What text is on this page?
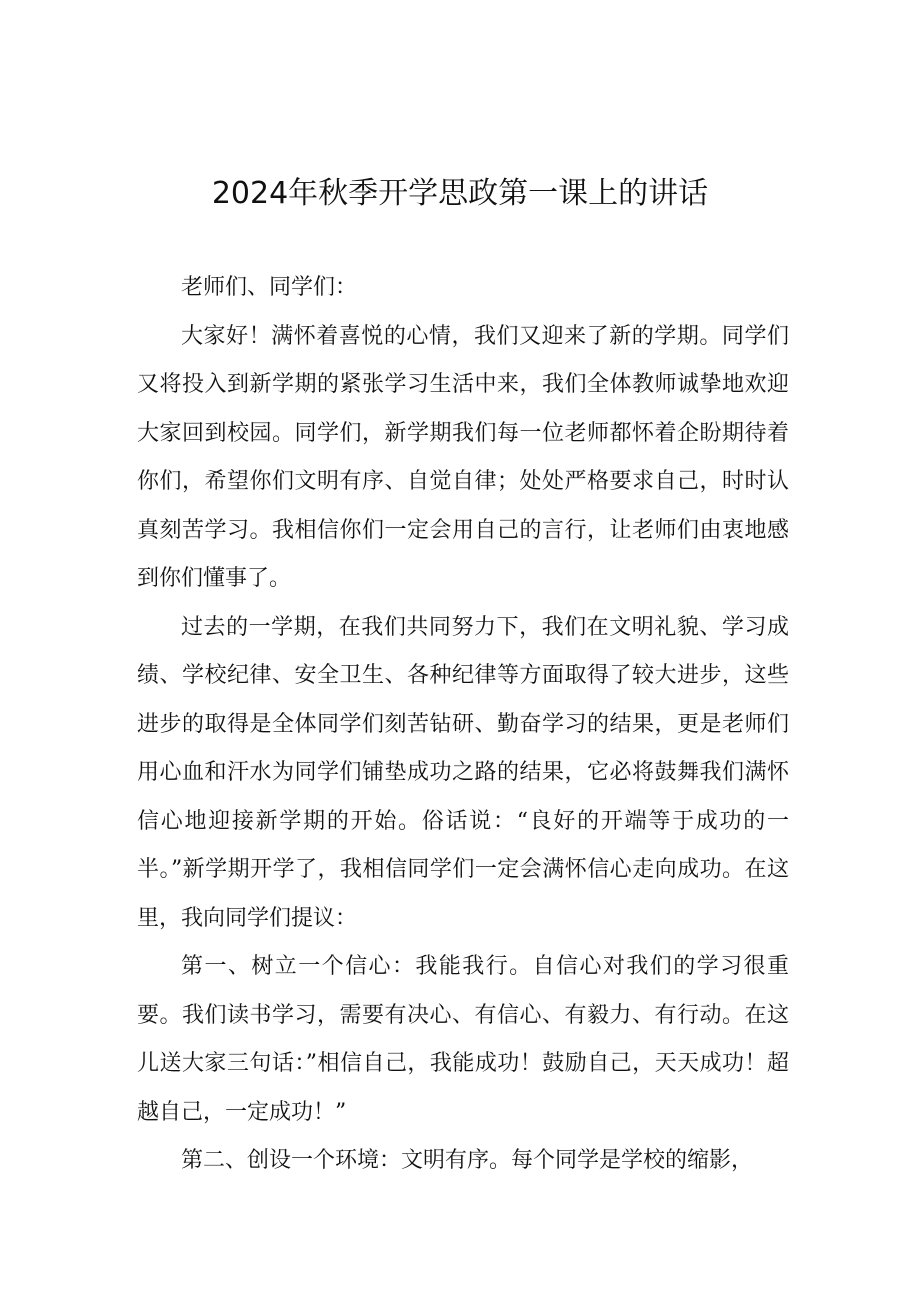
2024年秋季开学思政第一课上的讲话

老师们、同学们：

大家好！满怀着喜悦的心情，我们又迎来了新的学期。同学们又将投入到新学期的紧张学习生活中来，我们全体教师诚挚地欢迎大家回到校园。同学们，新学期我们每一位老师都怀着企盼期待着你们，希望你们文明有序、自觉自律；处处严格要求自己，时时认真刻苦学习。我相信你们一定会用自己的言行，让老师们由衷地感到你们懂事了。

过去的一学期，在我们共同努力下，我们在文明礼貌、学习成绩、学校纪律、安全卫生、各种纪律等方面取得了较大进步，这些进步的取得是全体同学们刻苦钻研、勤奋学习的结果，更是老师们用心血和汗水为同学们铺垫成功之路的结果，它必将鼓舞我们满怀信心地迎接新学期的开始。俗话说：“良好的开端等于成功的一半。”新学期开学了，我相信同学们一定会满怀信心走向成功。在这里，我向同学们提议：

第一、树立一个信心：我能我行。自信心对我们的学习很重要。我们读书学习，需要有决心、有信心、有毅力、有行动。在这儿送大家三句话：”相信自己，我能成功！鼓励自己，天天成功！超越自己，一定成功！”

第二、创设一个环境：文明有序。每个同学是学校的缩影，
